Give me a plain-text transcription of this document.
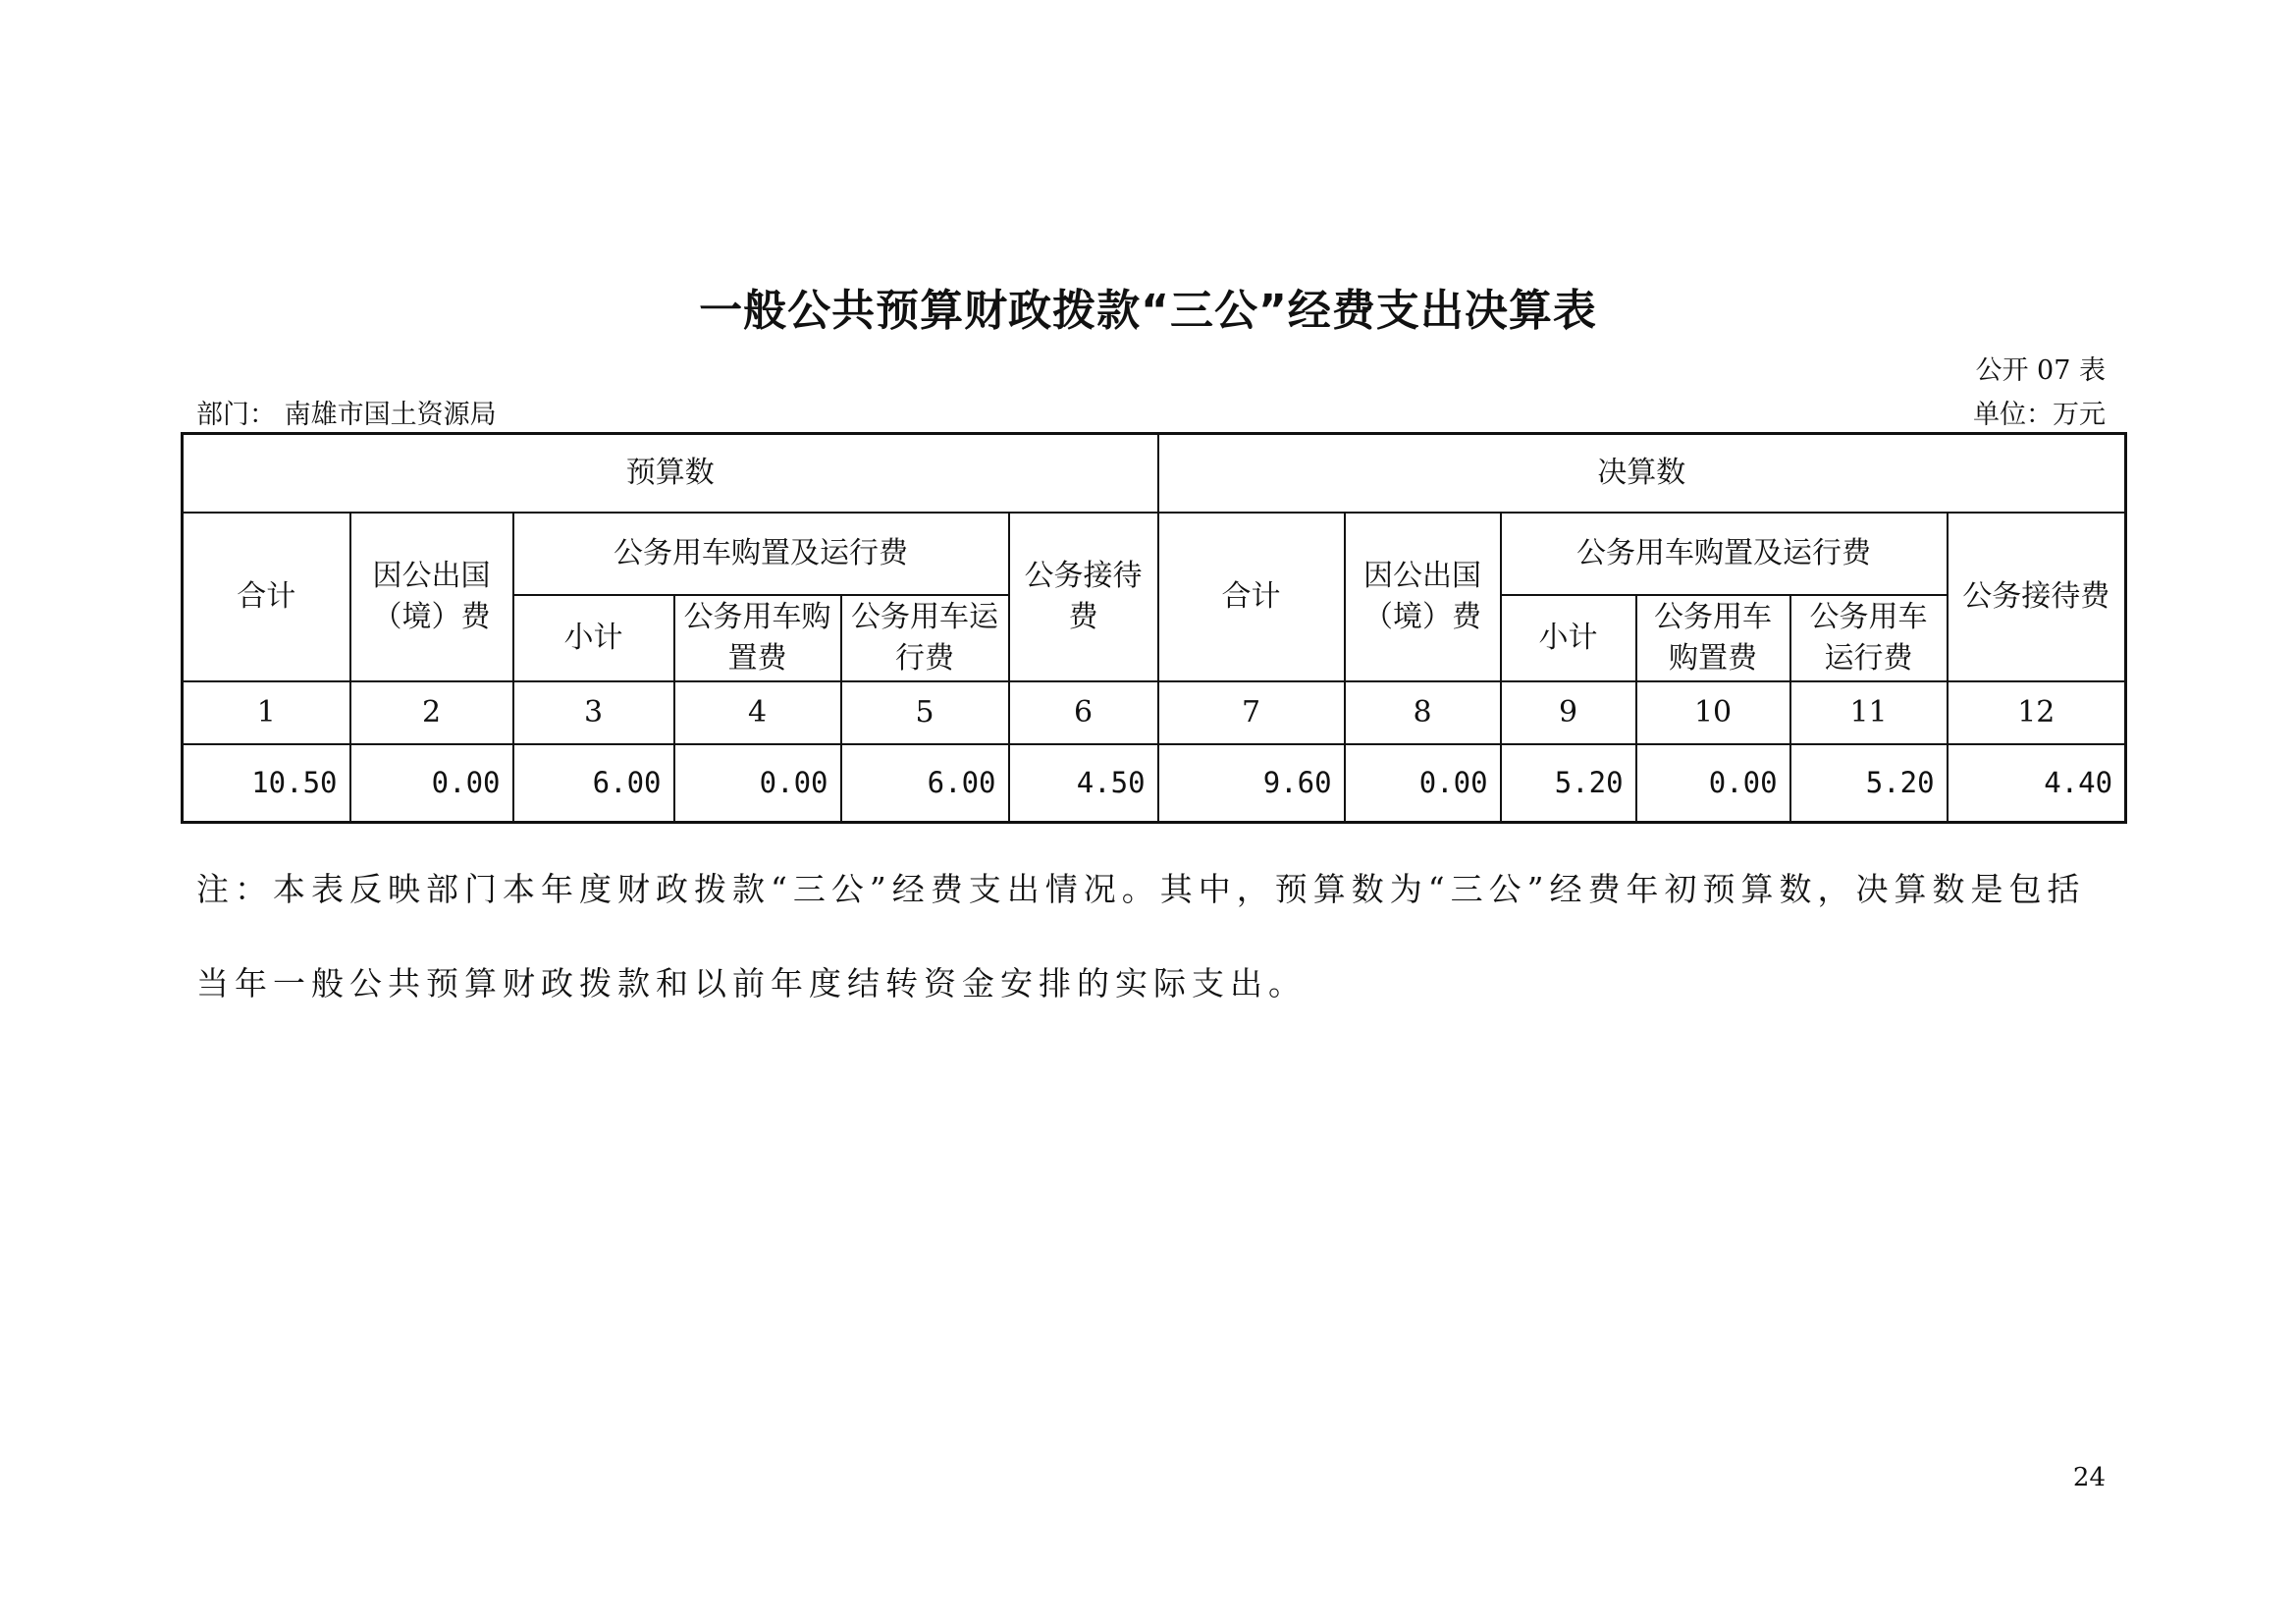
一般公共预算财政拨款“三公”经费支出决算表
公开 07 表
部门： 南雄市国土资源局	单位：万元
预算数						决算数					
合计	因公出国（境）费	公务用车购置及运行费			公务接待费	合计	因公出国（境）费	公务用车购置及运行费			公务接待费
		小计	公务用车购置费	公务用车运行费				小计	公务用车购置费	公务用车运行费	
1	2	3	4	5	6	7	8	9	10	11	12
10.50	0.00	6.00	0.00	6.00	4.50	9.60	0.00	5.20	0.00	5.20	4.40
注：本表反映部门本年度财政拨款“三公”经费支出情况。其中，预算数为“三公”经费年初预算数，决算数是包括当年一般公共预算财政拨款和以前年度结转资金安排的实际支出。
24
